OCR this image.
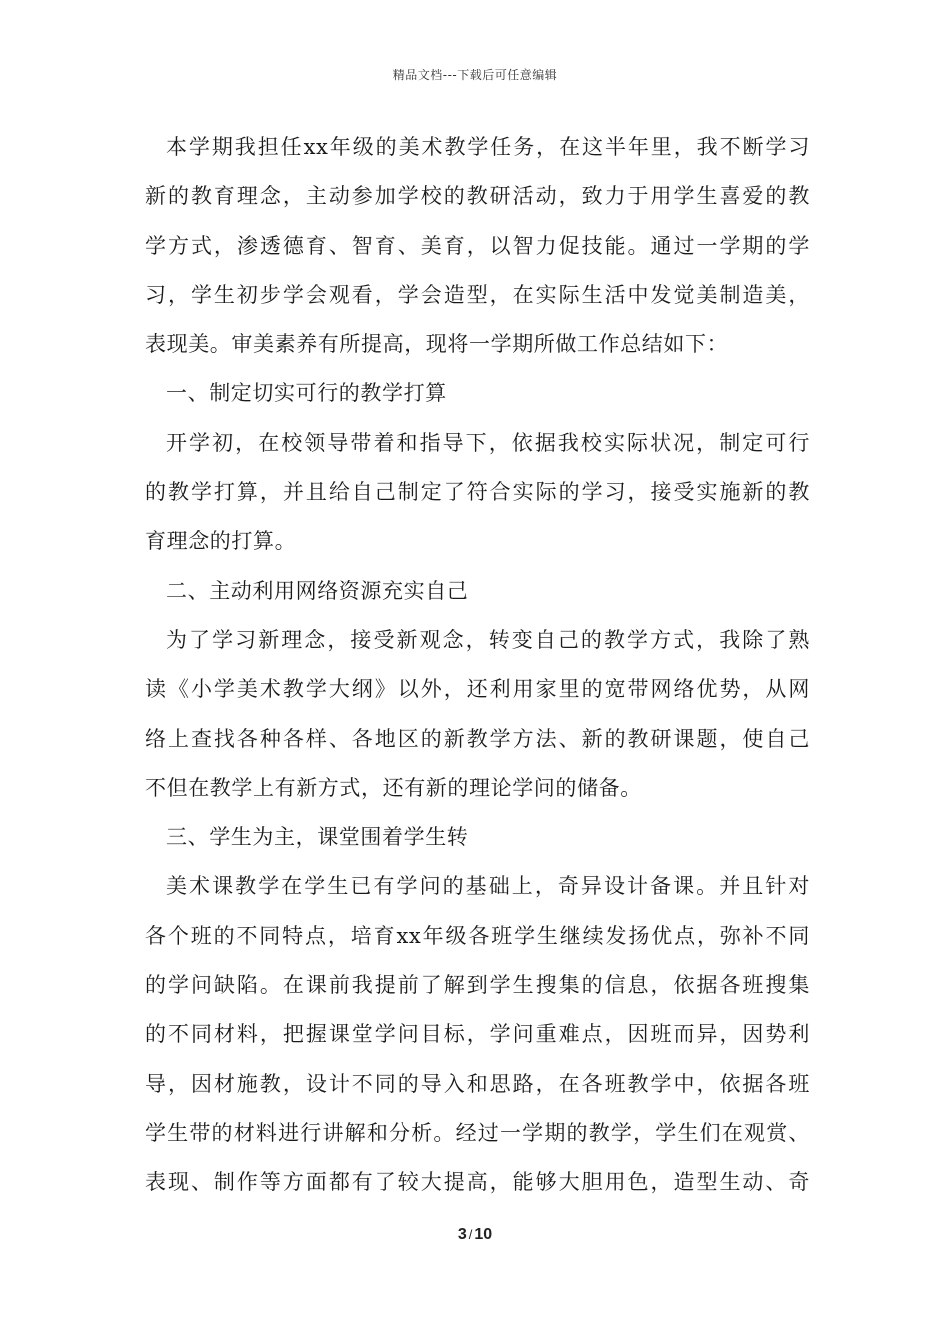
精品文档---下载后可任意编辑
本学期我担任xx年级的美术教学任务，在这半年里，我不断学习
新的教育理念，主动参加学校的教研活动，致力于用学生喜爱的教
学方式，渗透德育、智育、美育，以智力促技能。通过一学期的学
习，学生初步学会观看，学会造型，在实际生活中发觉美制造美，
表现美。审美素养有所提高，现将一学期所做工作总结如下：
一、制定切实可行的教学打算
开学初，在校领导带着和指导下，依据我校实际状况，制定可行
的教学打算，并且给自己制定了符合实际的学习，接受实施新的教
育理念的打算。
二、主动利用网络资源充实自己
为了学习新理念，接受新观念，转变自己的教学方式，我除了熟
读《小学美术教学大纲》以外，还利用家里的宽带网络优势，从网
络上查找各种各样、各地区的新教学方法、新的教研课题，使自己
不但在教学上有新方式，还有新的理论学问的储备。
三、学生为主，课堂围着学生转
美术课教学在学生已有学问的基础上，奇异设计备课。并且针对
各个班的不同特点，培育xx年级各班学生继续发扬优点，弥补不同
的学问缺陷。在课前我提前了解到学生搜集的信息，依据各班搜集
的不同材料，把握课堂学问目标，学问重难点，因班而异，因势利
导，因材施教，设计不同的导入和思路，在各班教学中，依据各班
学生带的材料进行讲解和分析。经过一学期的教学，学生们在观赏、
表现、制作等方面都有了较大提高，能够大胆用色，造型生动、奇
3 / 10
